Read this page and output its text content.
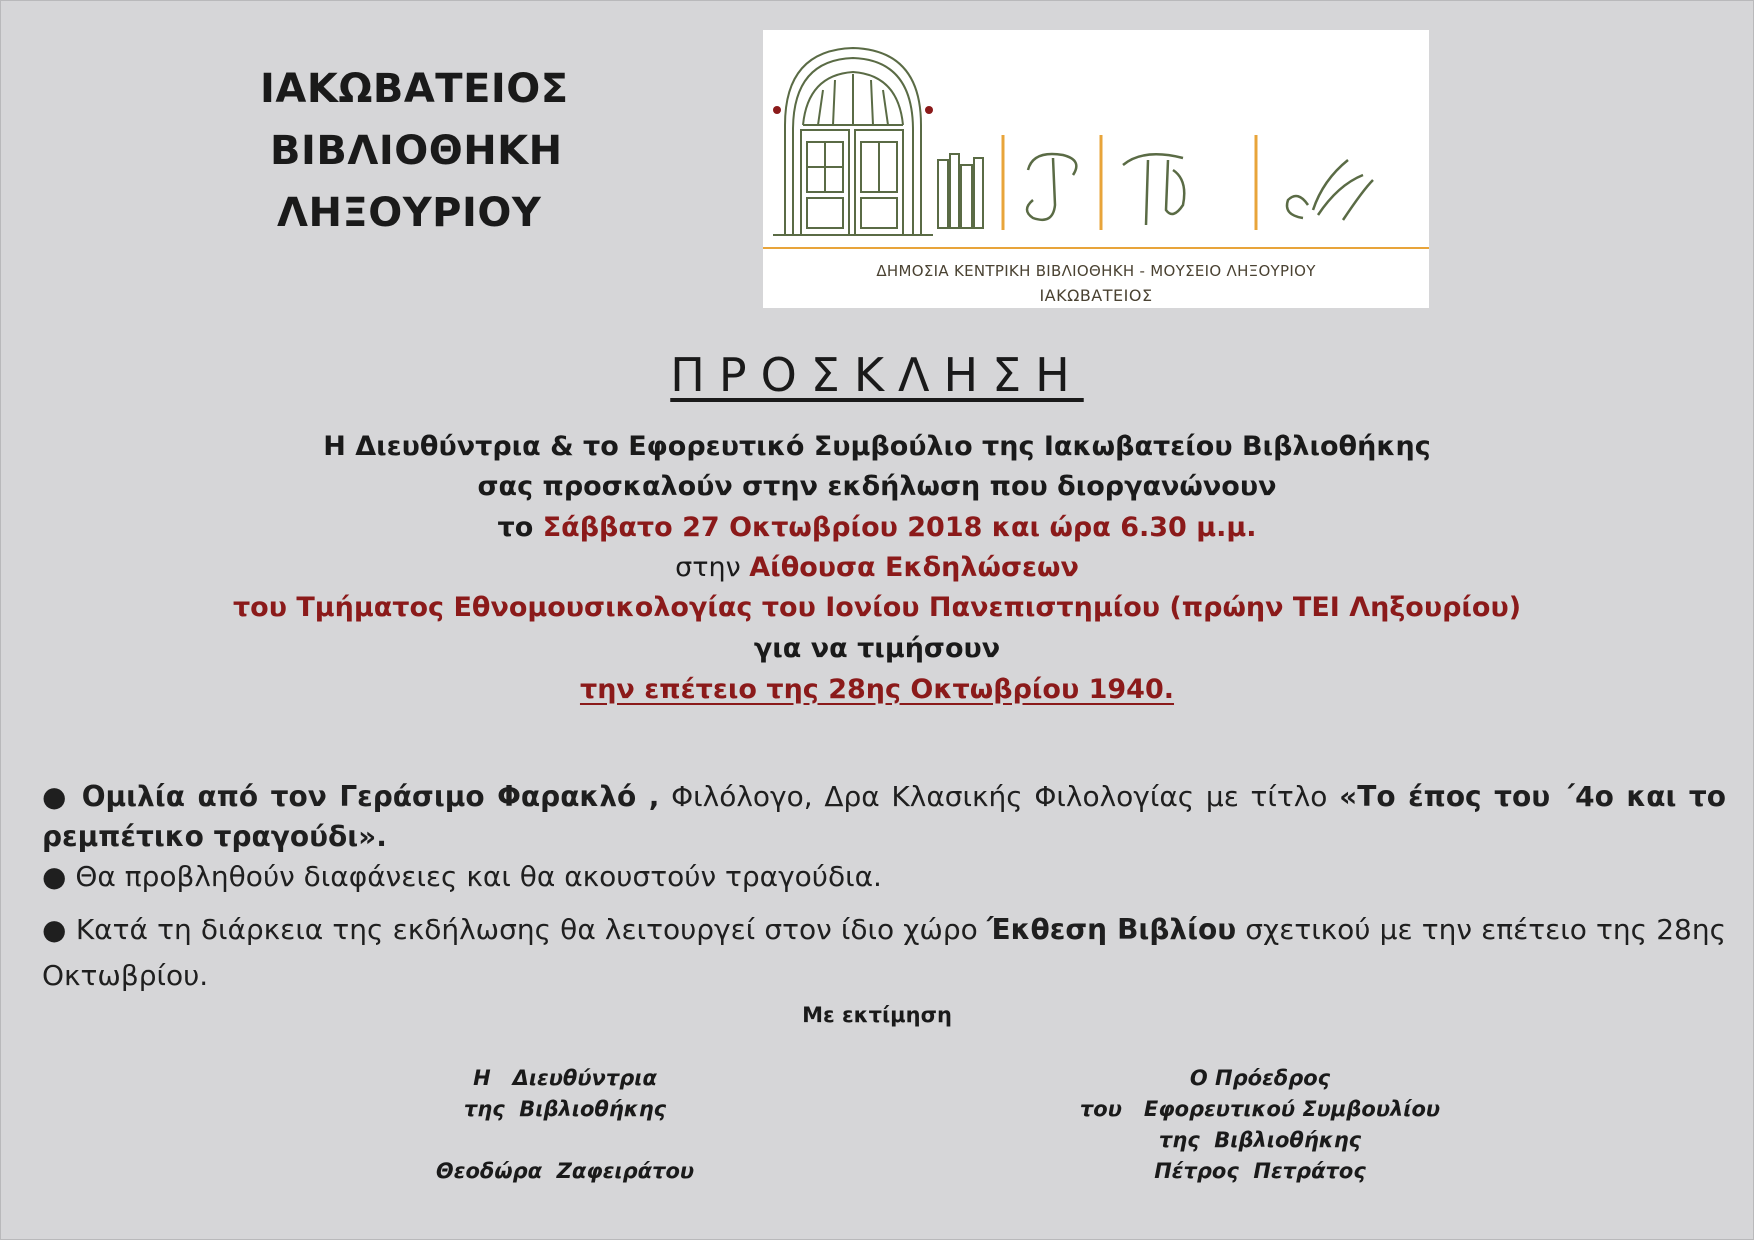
ΙΑΚΩΒΑΤΕΙΟΣ
ΒΙΒΛΙΟΘΗΚΗ
ΛΗΞΟΥΡΙΟΥ
ΔΗΜΟΣΙΑ ΚΕΝΤΡΙΚΗ ΒΙΒΛΙΟΘΗΚΗ - ΜΟΥΣΕΙΟ ΛΗΞΟΥΡΙΟΥ
ΙΑΚΩΒΑΤΕΙΟΣ
ΠΡΟΣΚΛΗΣΗ
Η Διευθύντρια & το Εφορευτικό Συμβούλιο της Ιακωβατείου Βιβλιοθήκης
σας προσκαλούν στην εκδήλωση που διοργανώνουν
το Σάββατο 27 Οκτωβρίου 2018 και ώρα 6.30 μ.μ.
στην Αίθουσα Εκδηλώσεων
του Τμήματος Εθνομουσικολογίας του Ιονίου Πανεπιστημίου (πρώην ΤΕΙ Ληξουρίου)
για να τιμήσουν
την επέτειο της 28ης Οκτωβρίου 1940.

● Ομιλία από τον Γεράσιμο Φαρακλό , Φιλόλογο, Δρα Κλασικής Φιλολογίας με τίτλο «Το έπος του ΄4ο και το ρεμπέτικο τραγούδι».

● Θα προβληθούν διαφάνειες και θα ακουστούν τραγούδια.

● Κατά τη διάρκεια της εκδήλωσης θα λειτουργεί στον ίδιο χώρο Έκθεση Βιβλίου σχετικού με την επέτειο της 28ης Οκτωβρίου.

Με εκτίμηση
Η   Διευθύντρια
της  Βιβλιοθήκης
Θεοδώρα  Ζαφειράτου
Ο Πρόεδρος
του   Εφορευτικού Συμβουλίου
της  Βιβλιοθήκης
Πέτρος  Πετράτος
